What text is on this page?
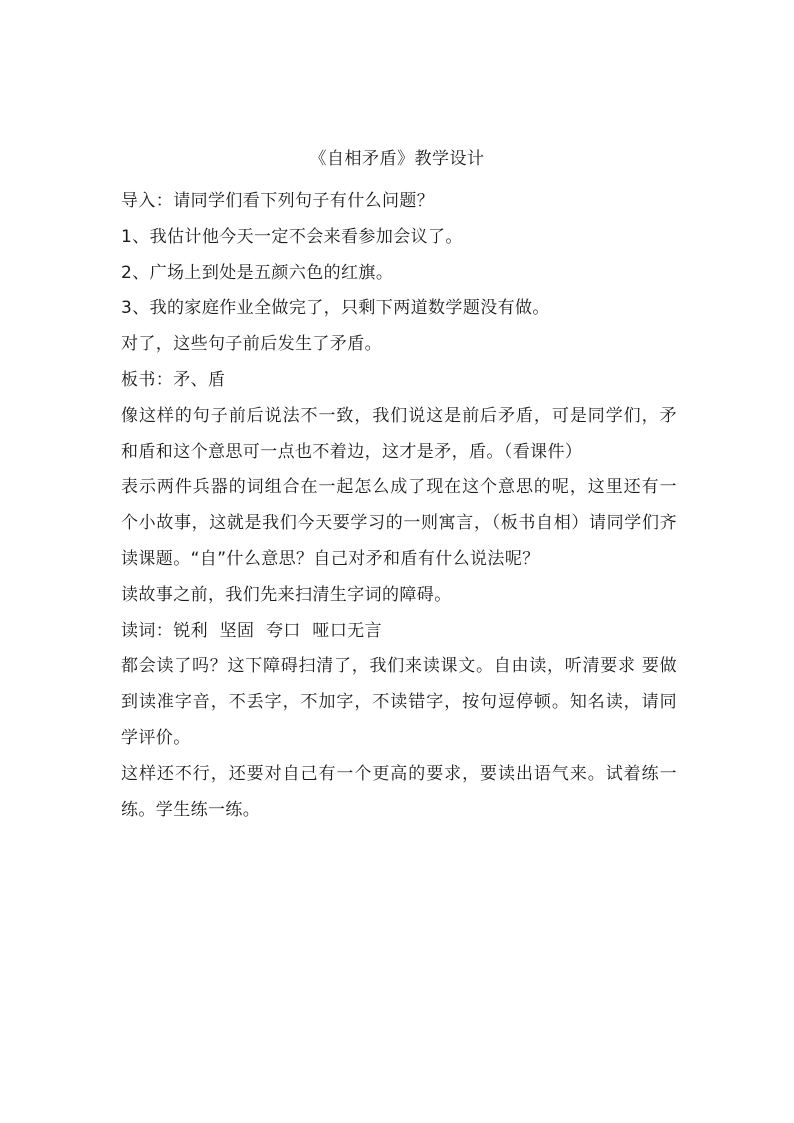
《自相矛盾》教学设计

导入：请同学们看下列句子有什么问题？

1、我估计他今天一定不会来看参加会议了。

2、广场上到处是五颜六色的红旗。

3、我的家庭作业全做完了，只剩下两道数学题没有做。

对了，这些句子前后发生了矛盾。

板书：矛、盾

像这样的句子前后说法不一致，我们说这是前后矛盾，可是同学们，矛和盾和这个意思可一点也不着边，这才是矛，盾。（看课件）

表示两件兵器的词组合在一起怎么成了现在这个意思的呢，这里还有一个小故事，这就是我们今天要学习的一则寓言，（板书自相）请同学们齐读课题。“自”什么意思？自己对矛和盾有什么说法呢？

读故事之前，我们先来扫清生字词的障碍。

读词：锐利  坚固  夸口  哑口无言

都会读了吗？这下障碍扫清了，我们来读课文。自由读，听清要求 要做到读准字音，不丢字，不加字，不读错字，按句逗停顿。知名读，请同学评价。

这样还不行，还要对自己有一个更高的要求，要读出语气来。试着练一练。学生练一练。
